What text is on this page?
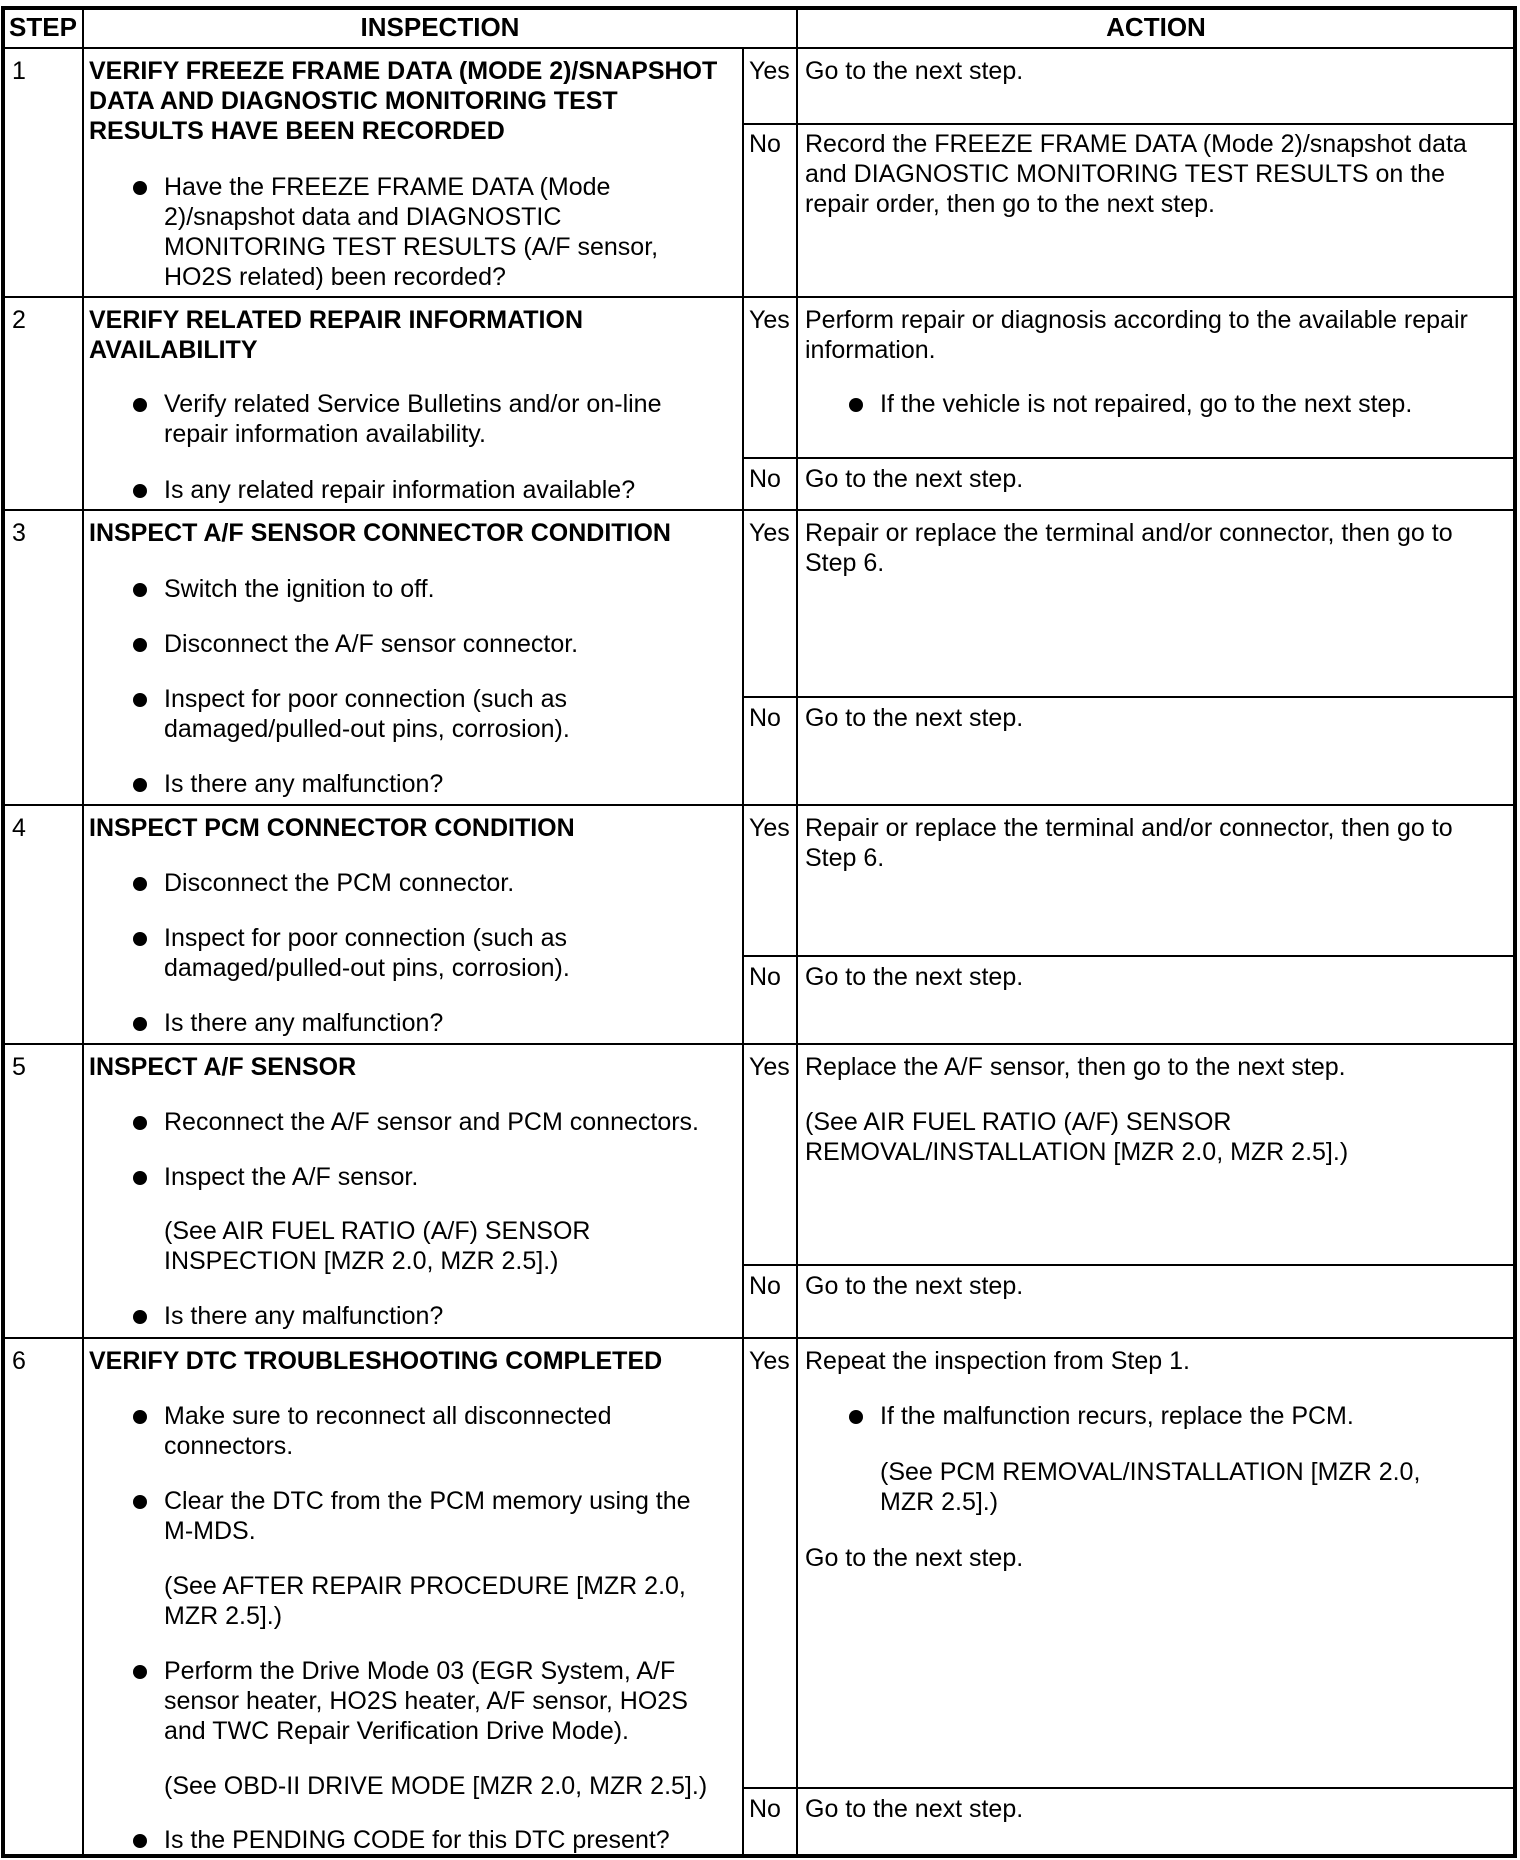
STEP	INSPECTION	ACTION

1	VERIFY FREEZE FRAME DATA (MODE 2)/SNAPSHOT
DATA AND DIAGNOSTIC MONITORING TEST
RESULTS HAVE BEEN RECORDED

Have the FREEZE FRAME DATA (Mode
2)/snapshot data and DIAGNOSTIC
MONITORING TEST RESULTS (A/F sensor,
HO2S related) been recorded?

Yes Go to the next step.

No Record the FREEZE FRAME DATA (Mode 2)/snapshot data
and DIAGNOSTIC MONITORING TEST RESULTS on the
repair order, then go to the next step.

2	VERIFY RELATED REPAIR INFORMATION
AVAILABILITY

Verify related Service Bulletins and/or on-line
repair information availability.

Is any related repair information available?

Yes Perform repair or diagnosis according to the available repair
information.

If the vehicle is not repaired, go to the next step.

No Go to the next step.

3	INSPECT A/F SENSOR CONNECTOR CONDITION

Switch the ignition to off.

Disconnect the A/F sensor connector.

Inspect for poor connection (such as
damaged/pulled-out pins, corrosion).

Is there any malfunction?

Yes Repair or replace the terminal and/or connector, then go to
Step 6.

No Go to the next step.

4	INSPECT PCM CONNECTOR CONDITION

Disconnect the PCM connector.

Inspect for poor connection (such as
damaged/pulled-out pins, corrosion).

Is there any malfunction?

Yes Repair or replace the terminal and/or connector, then go to
Step 6.

No Go to the next step.

5	INSPECT A/F SENSOR

Reconnect the A/F sensor and PCM connectors.

Inspect the A/F sensor.

(See AIR FUEL RATIO (A/F) SENSOR
INSPECTION [MZR 2.0, MZR 2.5].)

Is there any malfunction?

Yes Replace the A/F sensor, then go to the next step.

(See AIR FUEL RATIO (A/F) SENSOR
REMOVAL/INSTALLATION [MZR 2.0, MZR 2.5].)

No Go to the next step.

6	VERIFY DTC TROUBLESHOOTING COMPLETED

Make sure to reconnect all disconnected
connectors.

Clear the DTC from the PCM memory using the
M-MDS.

(See AFTER REPAIR PROCEDURE [MZR 2.0,
MZR 2.5].)

Perform the Drive Mode 03 (EGR System, A/F
sensor heater, HO2S heater, A/F sensor, HO2S
and TWC Repair Verification Drive Mode).

(See OBD-II DRIVE MODE [MZR 2.0, MZR 2.5].)

Is the PENDING CODE for this DTC present?

Yes Repeat the inspection from Step 1.

If the malfunction recurs, replace the PCM.

(See PCM REMOVAL/INSTALLATION [MZR 2.0,
MZR 2.5].)

Go to the next step.

No Go to the next step.
